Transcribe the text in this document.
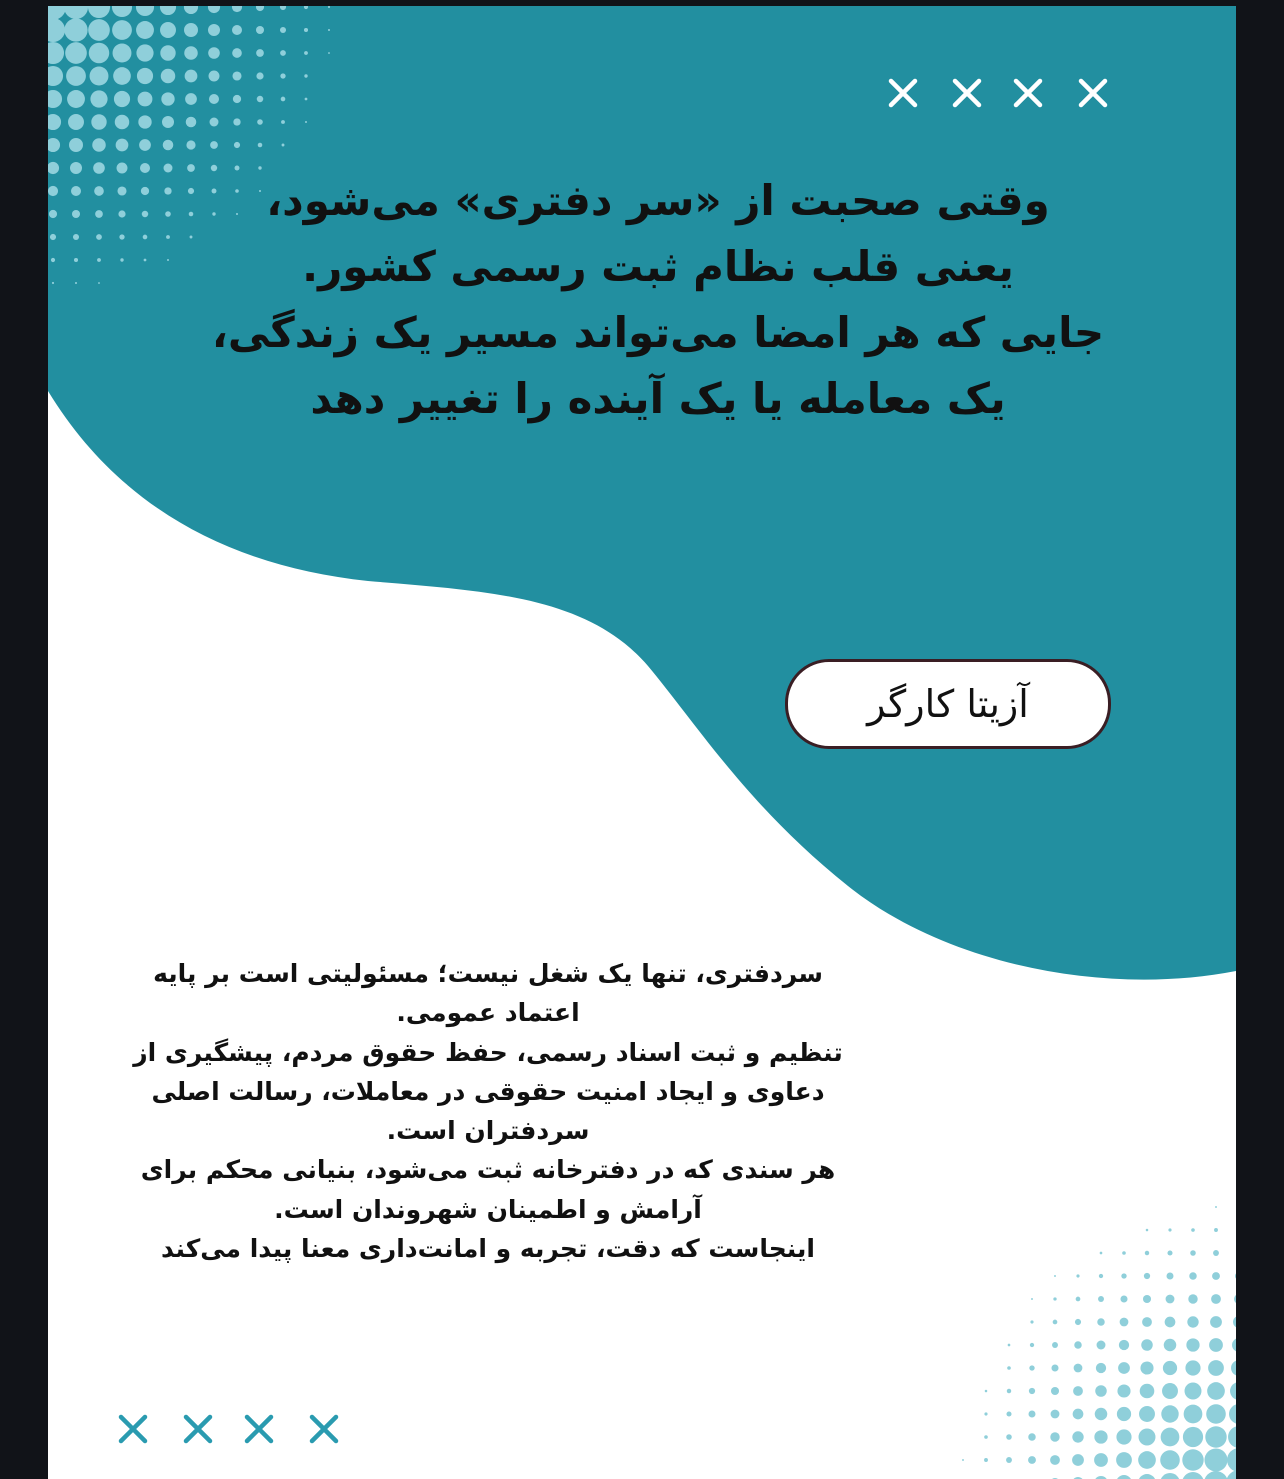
وقتی صحبت از «سر دفتری» می‌شود،
یعنی قلب نظام ثبت رسمی کشور.
جایی که هر امضا می‌تواند مسیر یک زندگی،
یک معامله یا یک آینده را تغییر دهد
آزیتا کارگر
سردفتری، تنها یک شغل نیست؛ مسئولیتی است بر پایه
اعتماد عمومی.
تنظیم و ثبت اسناد رسمی، حفظ حقوق مردم، پیشگیری از
دعاوی و ایجاد امنیت حقوقی در معاملات، رسالت اصلی
سردفتران است.
هر سندی که در دفترخانه ثبت می‌شود، بنیانی محکم برای
آرامش و اطمینان شهروندان است.
اینجاست که دقت، تجربه و امانت‌داری معنا پیدا می‌کند
